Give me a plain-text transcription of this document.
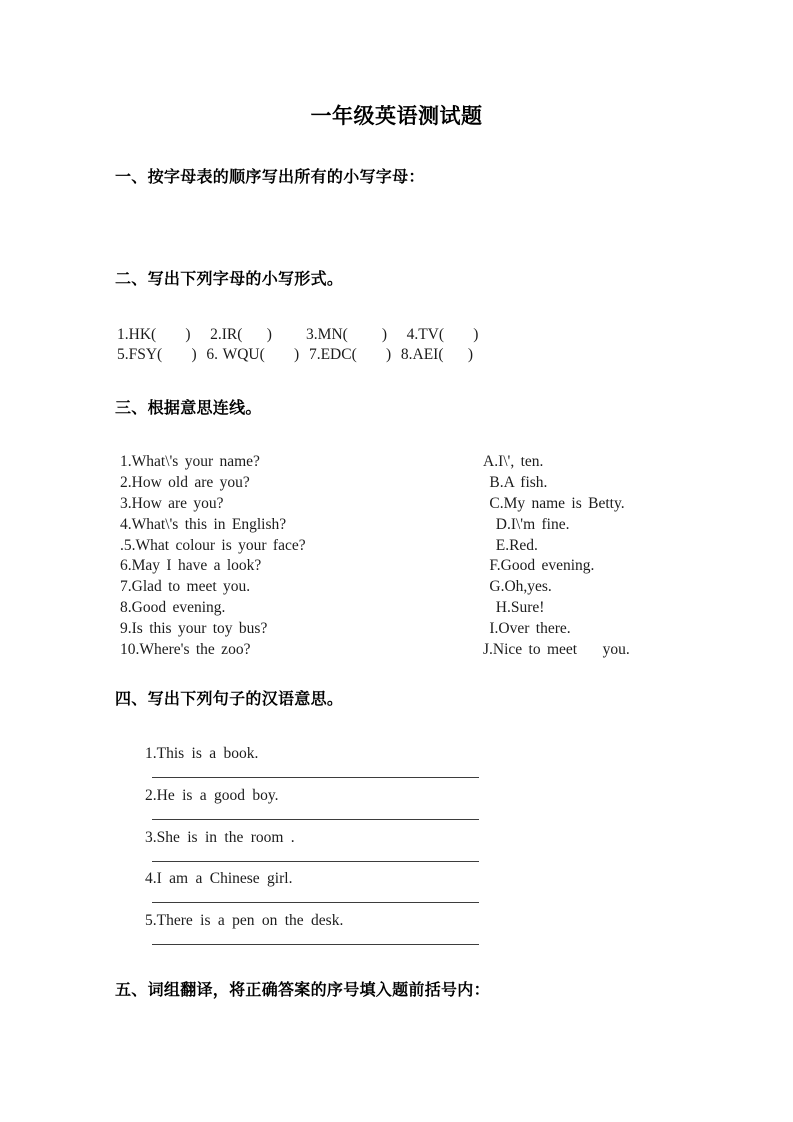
一年级英语测试题
一、按字母表的顺序写出所有的小写字母：
二、写出下列字母的小写形式。
1.HK(      )    2.IR(     )       3.MN(       )    4.TV(      )
5.FSY(      )  6. WQU(      )  7.EDC(      )  8.AEI(     )
三、根据意思连线。
1.What\'s your name?	A.I\', ten.
2.How old are you?	B.A fish.
3.How are you?	C.My name is Betty.
4.What\'s this in English?	D.I\'m fine.
.5.What colour is your face?	E.Red.
6.May I have a look?	F.Good evening.
7.Glad to meet you.	G.Oh,yes.
8.Good evening.	H.Sure!
9.Is this your toy bus?	I.Over there.
10.Where's the zoo?	J.Nice to meet    you.
四、写出下列句子的汉语意思。
1.This is a book.
2.He is a good boy.
3.She is in the room .
4.I am a Chinese girl.
5.There is a pen on the desk.
五、词组翻译，将正确答案的序号填入题前括号内：
